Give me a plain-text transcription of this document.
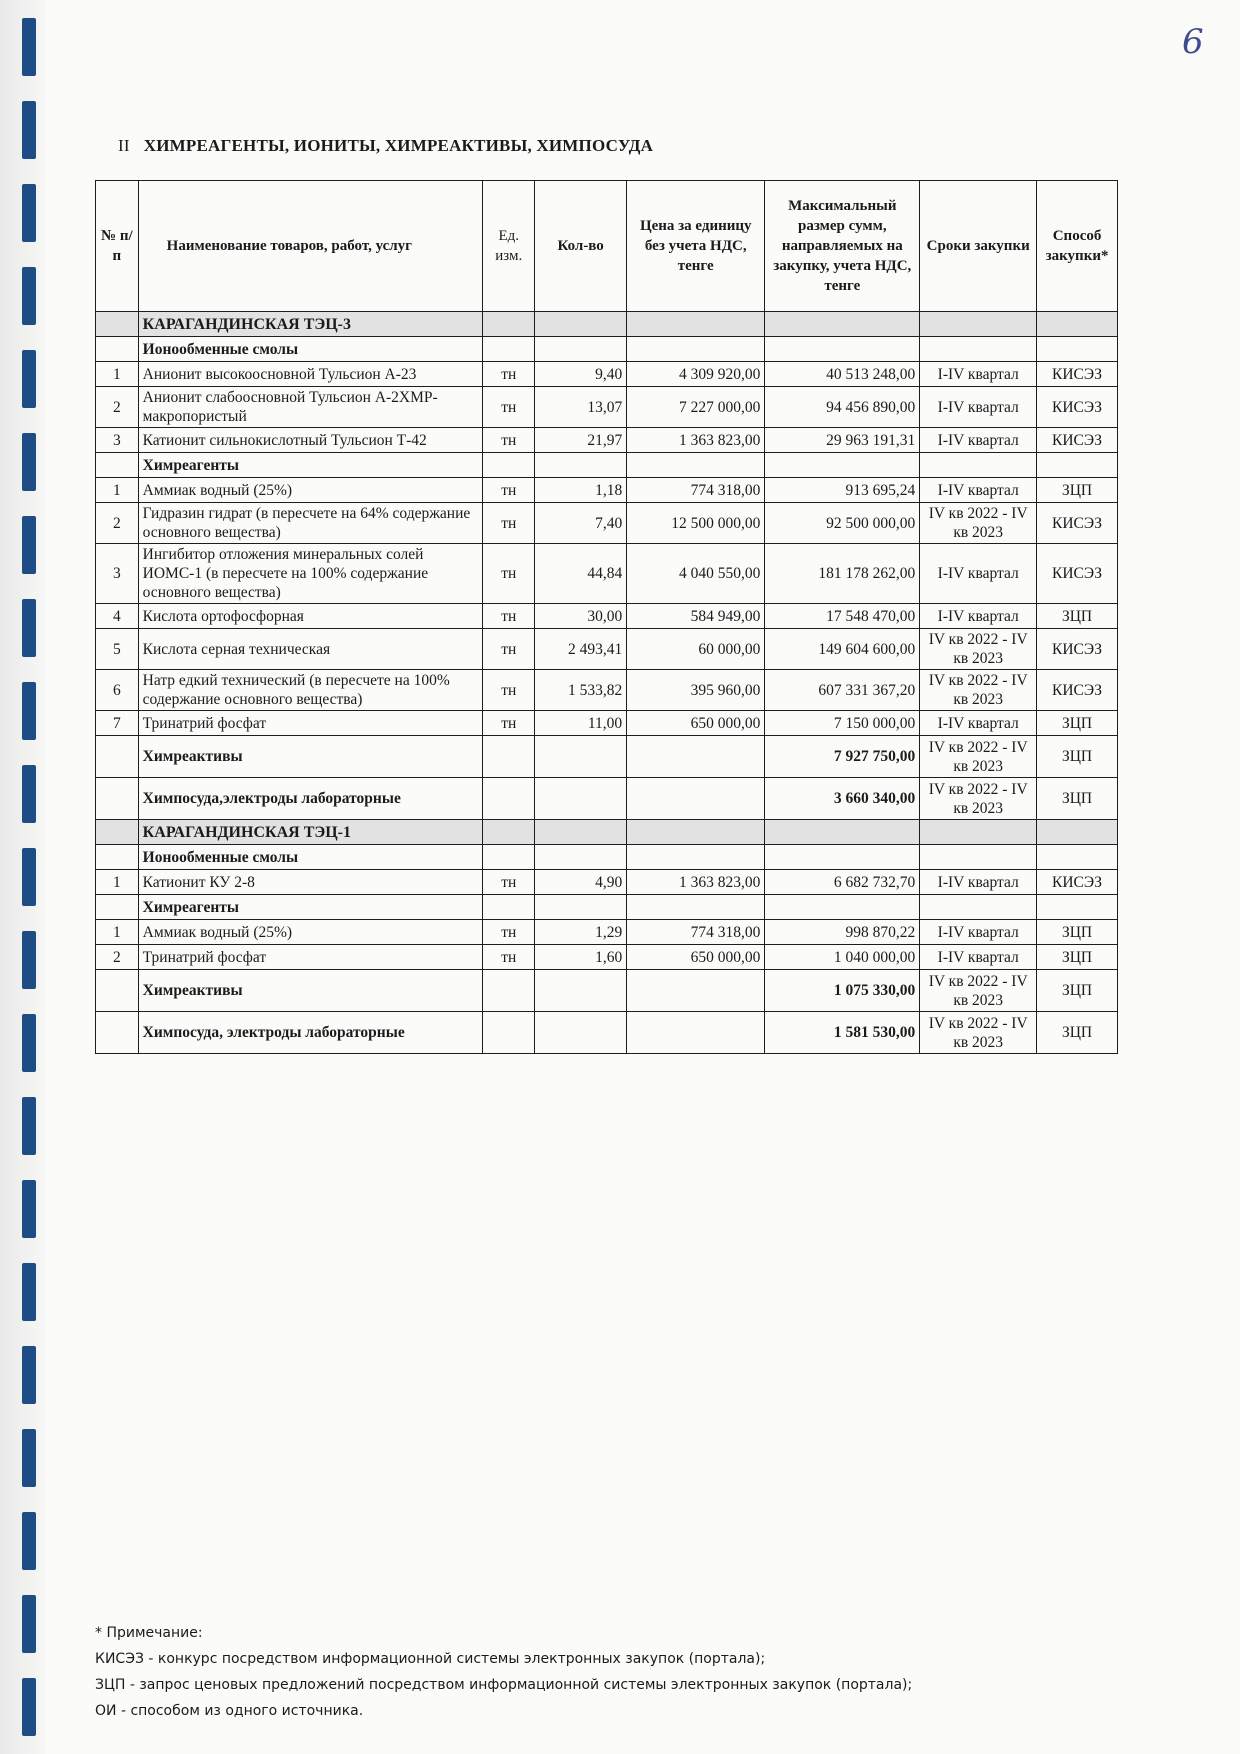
6
II ХИМРЕАГЕНТЫ, ИОНИТЫ, ХИМРЕАКТИВЫ, ХИМПОСУДА
№ п/п	Наименование товаров, работ, услуг	Ед. изм.	Кол-во	Цена за единицу без учета НДС, тенге	Максимальный размер сумм, направляемых на закупку, учета НДС, тенге	Сроки закупки	Способ закупки*
	КАРАГАНДИНСКАЯ ТЭЦ-3						
	Ионообменные смолы						
1	Анионит высокоосновной Тульсион А-23	тн	9,40	4 309 920,00	40 513 248,00	I-IV квартал	КИСЭЗ
2	Анионит слабоосновной Тульсион А-2ХМР-макропористый	тн	13,07	7 227 000,00	94 456 890,00	I-IV квартал	КИСЭЗ
3	Катионит сильнокислотный Тульсион Т-42	тн	21,97	1 363 823,00	29 963 191,31	I-IV квартал	КИСЭЗ
	Химреагенты						
1	Аммиак водный (25%)	тн	1,18	774 318,00	913 695,24	I-IV квартал	ЗЦП
2	Гидразин гидрат (в пересчете на 64% содержание основного вещества)	тн	7,40	12 500 000,00	92 500 000,00	IV кв 2022 - IV кв 2023	КИСЭЗ
3	Ингибитор отложения минеральных солей ИОМС-1 (в пересчете на 100% содержание основного вещества)	тн	44,84	4 040 550,00	181 178 262,00	I-IV квартал	КИСЭЗ
4	Кислота ортофосфорная	тн	30,00	584 949,00	17 548 470,00	I-IV квартал	ЗЦП
5	Кислота серная техническая	тн	2 493,41	60 000,00	149 604 600,00	IV кв 2022 - IV кв 2023	КИСЭЗ
6	Натр едкий технический (в пересчете на 100% содержание основного вещества)	тн	1 533,82	395 960,00	607 331 367,20	IV кв 2022 - IV кв 2023	КИСЭЗ
7	Тринатрий фосфат	тн	11,00	650 000,00	7 150 000,00	I-IV квартал	ЗЦП
	Химреактивы				7 927 750,00	IV кв 2022 - IV кв 2023	ЗЦП
	Химпосуда,электроды лабораторные				3 660 340,00	IV кв 2022 - IV кв 2023	ЗЦП
	КАРАГАНДИНСКАЯ ТЭЦ-1						
	Ионообменные смолы						
1	Катионит КУ 2-8	тн	4,90	1 363 823,00	6 682 732,70	I-IV квартал	КИСЭЗ
	Химреагенты						
1	Аммиак водный (25%)	тн	1,29	774 318,00	998 870,22	I-IV квартал	ЗЦП
2	Тринатрий фосфат	тн	1,60	650 000,00	1 040 000,00	I-IV квартал	ЗЦП
	Химреактивы				1 075 330,00	IV кв 2022 - IV кв 2023	ЗЦП
	Химпосуда, электроды лабораторные				1 581 530,00	IV кв 2022 - IV кв 2023	ЗЦП
* Примечание:
КИСЭЗ - конкурс посредством информационной системы электронных закупок (портала);
ЗЦП - запрос ценовых предложений посредством информационной системы электронных закупок (портала);
ОИ - способом из одного источника.
